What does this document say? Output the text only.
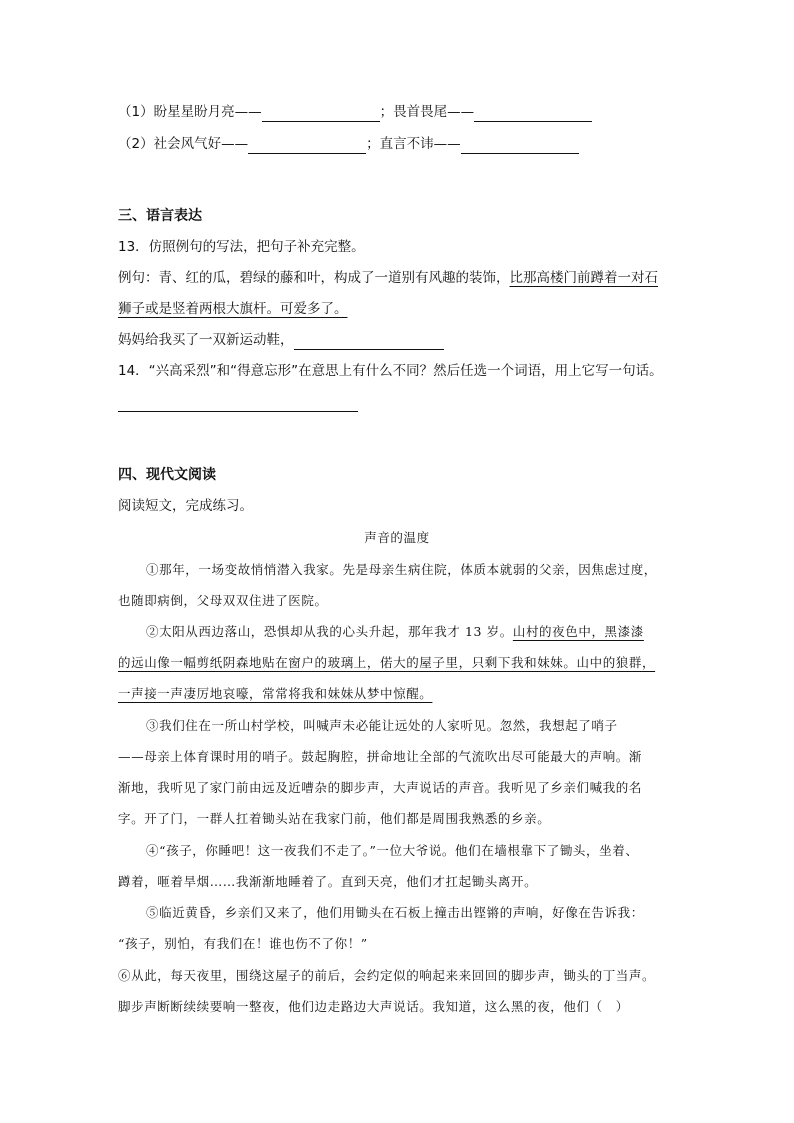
（1）盼星星盼月亮——	；畏首畏尾——
（2）社会风气好——	；直言不讳——
三、语言表达
13．仿照例句的写法，把句子补充完整。
例句：青、红的瓜，碧绿的藤和叶，构成了一道别有风趣的装饰，比那高楼门前蹲着一对石
狮子或是竖着两根大旗杆。可爱多了。
妈妈给我买了一双新运动鞋，
14．“兴高采烈”和“得意忘形”在意思上有什么不同？然后任选一个词语，用上它写一句话。
四、现代文阅读
阅读短文，完成练习。
声音的温度
①那年，一场变故悄悄潜入我家。先是母亲生病住院，体质本就弱的父亲，因焦虑过度，
也随即病倒，父母双双住进了医院。
②太阳从西边落山，恐惧却从我的心头升起，那年我才 13 岁。山村的夜色中，黑漆漆
的远山像一幅剪纸阴森地贴在窗户的玻璃上，偌大的屋子里，只剩下我和妹妹。山中的狼群，
一声接一声凄厉地哀嚎，常常将我和妹妹从梦中惊醒。
③我们住在一所山村学校，叫喊声未必能让远处的人家听见。忽然，我想起了哨子
——母亲上体育课时用的哨子。鼓起胸腔，拼命地让全部的气流吹出尽可能最大的声响。渐
渐地，我听见了家门前由远及近嘈杂的脚步声，大声说话的声音。我听见了乡亲们喊我的名
字。开了门，一群人扛着锄头站在我家门前，他们都是周围我熟悉的乡亲。
④“孩子，你睡吧！这一夜我们不走了。”一位大爷说。他们在墙根靠下了锄头，坐着、
蹲着，咂着旱烟……我渐渐地睡着了。直到天亮，他们才扛起锄头离开。
⑤临近黄昏，乡亲们又来了，他们用锄头在石板上撞击出铿锵的声响，好像在告诉我：
“孩子，别怕，有我们在！谁也伤不了你！”
⑥从此，每天夜里，围绕这屋子的前后，会约定似的响起来来回回的脚步声，锄头的丁当声。
脚步声断断续续要响一整夜，他们边走路边大声说话。我知道，这么黑的夜，他们（　）
